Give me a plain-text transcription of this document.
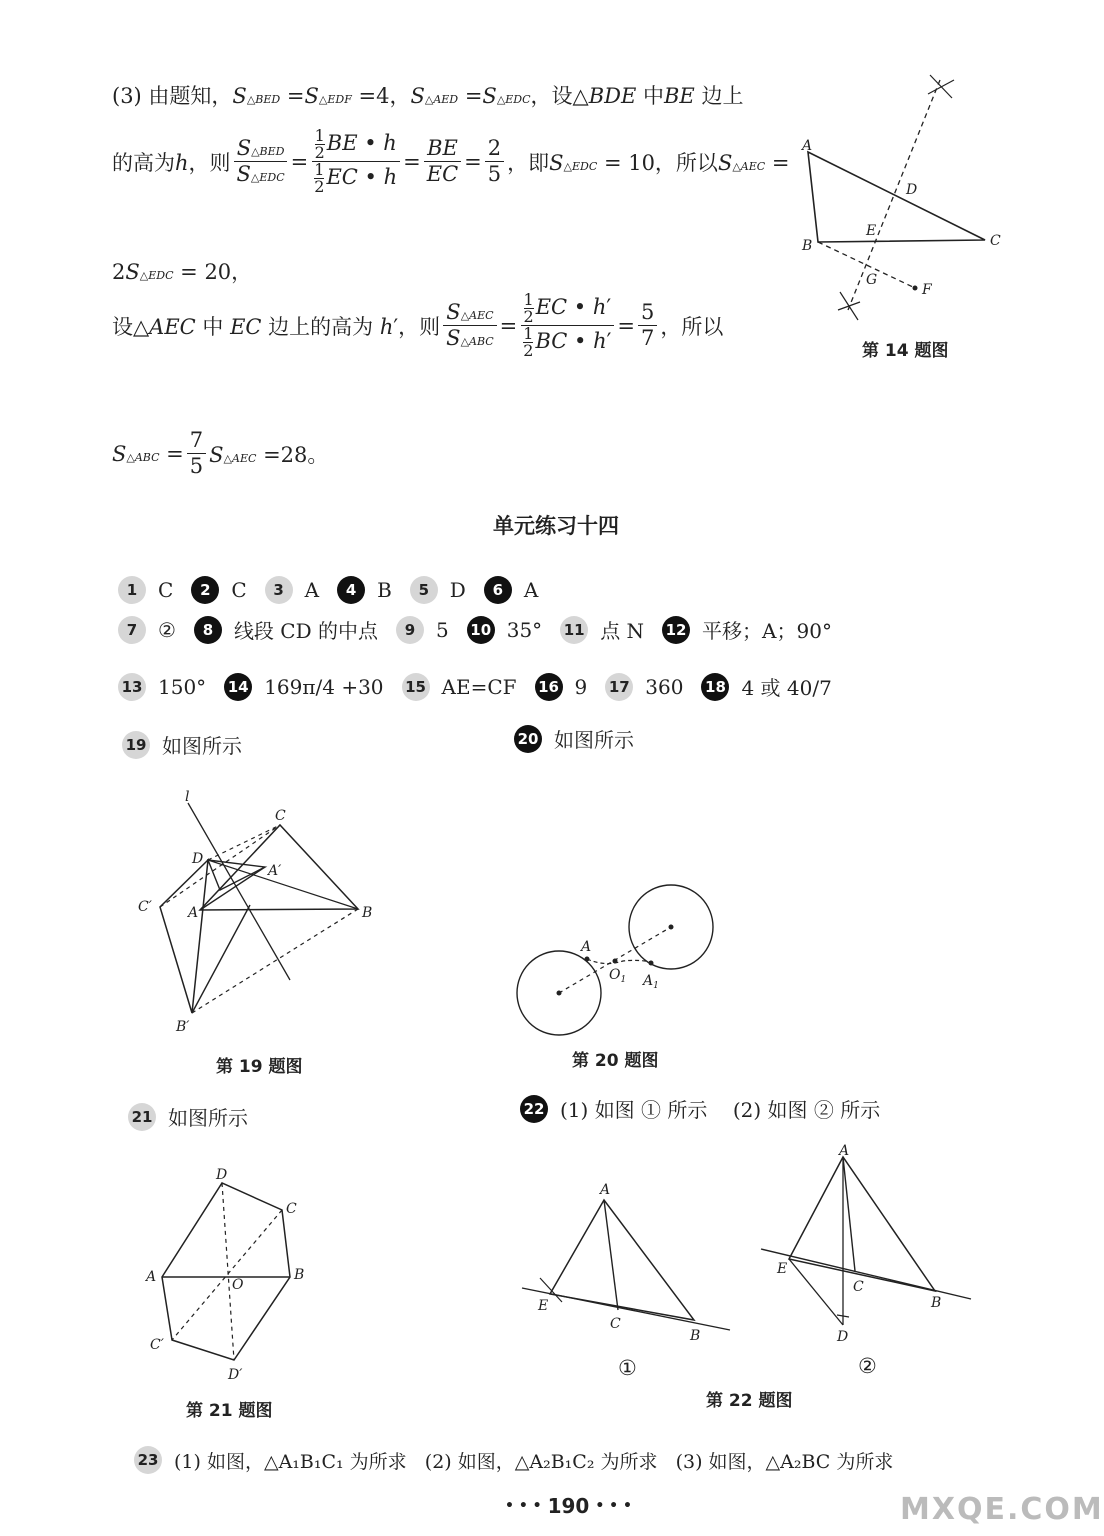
(3) 由题知，S△BED =S△EDF =4，S△AED =S△EDC，设△BDE 中BE 边上
的高为h，则 $\frac{\text{S△BED}}{\text{S△EDC}} = \frac{\frac{1}{2} BE • h}{\frac{1}{2} EC • h} = \frac{BE}{EC} = \frac{2}{5}$ ，即S△EDC = 10，所以S△AEC =
2S△EDC = 20，
设△AEC 中 EC 边上的高为 h′，则 $\frac{\text{S△AEC}}{\text{S△ABC}} = \frac{\frac{1}{2} EC • h'}{\frac{1}{2} BC • h'} = \frac{5}{7}$ ，所以
S△ABC = $\frac{7}{5}$ S△AEC =28。
A
C
B
D
E
G
F
第 14 题图
单元练习十四
1	C	2	C	3	A	4	B	5	D	6	A
7	②	8	线段 CD 的中点	9	5 10 35° 11 点 N 12 平移；A；90°
13 150° 14 169π/4 +30 15 AE=CF 16 9 17 360 18 4 或 40/7
19 如图所示	20 如图所示
l
C
D
A′
C′	A	B
B′
第 19 题图
A
$O_1$ $A_1$
第 20 题图
21 如图所示	22 (1) 如图 ① 所示    (2) 如图 ② 所示
D
C
A	B
O
C′
D′
第 21 题图
A
E
C
B
①
A
E
C
B
D
②
第 22 题图
23 (1) 如图，△A₁B₁C₁ 为所求   (2) 如图，△A₂B₁C₂ 为所求   (3) 如图，△A₂BC 为所求
• • • 190 • • •	MXQE.COM
